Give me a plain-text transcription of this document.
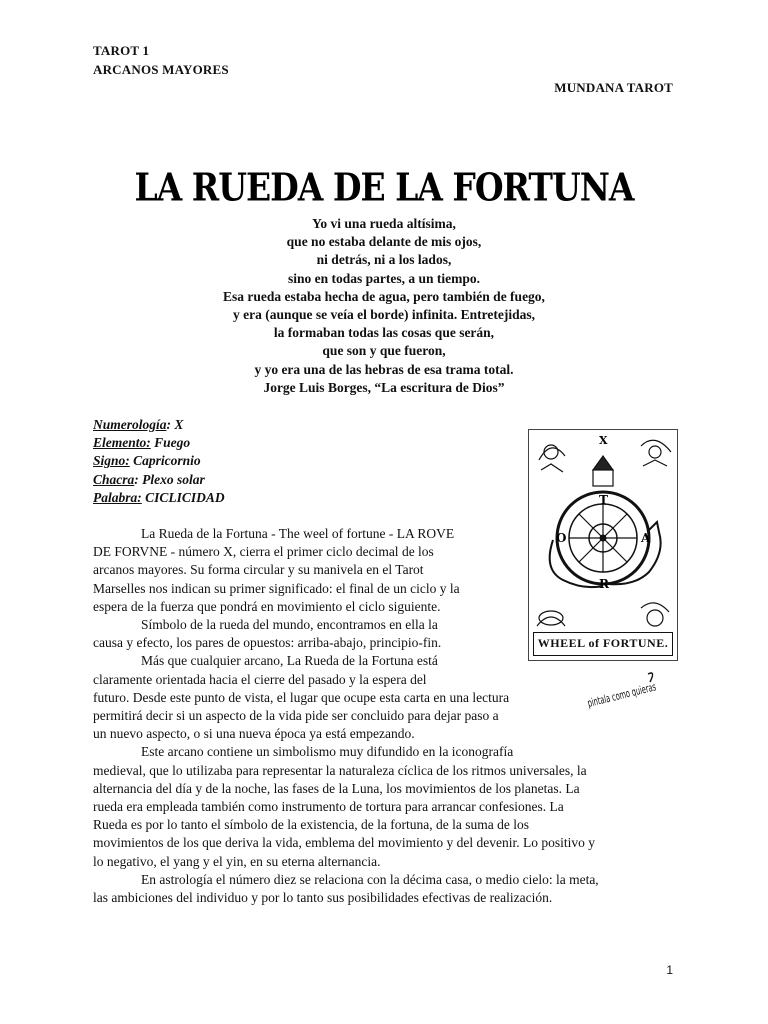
TAROT 1
ARCANOS MAYORES
MUNDANA TAROT
LA RUEDA DE LA FORTUNA
Yo vi una rueda altísima,
que no estaba delante de mis ojos,
ni detrás, ni a los lados,
sino en todas partes, a un tiempo.
Esa rueda estaba hecha de agua, pero también de fuego,
y era (aunque se veía el borde) infinita. Entretejidas,
la formaban todas las cosas que serán,
que son y que fueron,
y yo era una de las hebras de esa trama total.
Jorge Luis Borges, “La escritura de Dios”
Numerología: X
Elemento: Fuego
Signo: Capricornio
Chacra: Plexo solar
Palabra: CICLICIDAD
La Rueda de la Fortuna - The weel of fortune - LA ROVE
DE FORVNE - número X, cierra el primer ciclo decimal de los
arcanos mayores. Su forma circular y su manivela en el Tarot
Marselles nos indican su primer significado: el final de un ciclo y la
espera de la fuerza que pondrá en movimiento el ciclo siguiente.
Símbolo de la rueda del mundo, encontramos en ella la
causa y efecto, los pares de opuestos: arriba-abajo, principio-fin.
Más que cualquier arcano, La Rueda de la Fortuna está
claramente orientada hacia el cierre del pasado y la espera del
futuro. Desde este punto de vista, el lugar que ocupe esta carta en una lectura
permitirá decir si un aspecto de la vida pide ser concluido para dejar paso a
un nuevo aspecto, o si una nueva época ya está empezando.
Este arcano contiene un simbolismo muy difundido en la iconografía
medieval, que lo utilizaba para representar la naturaleza cíclica de los ritmos universales, la
alternancia del día y de la noche, las fases de la Luna, los movimientos de los planetas. La
rueda era empleada también como instrumento de tortura para arrancar confesiones. La
Rueda es por lo tanto el símbolo de la existencia, de la fortuna, de la suma de los
movimientos de los que deriva la vida, emblema del movimiento y del devenir. Lo positivo y
lo negativo, el yang y el yin, en su eterna alternancia.
En astrología el número diez se relaciona con la décima casa, o medio cielo: la meta,
las ambiciones del individuo y por lo tanto sus posibilidades efectivas de realización.
X
T
A
R
O
WHEEL of FORTUNE.
pintala como quieras
1
